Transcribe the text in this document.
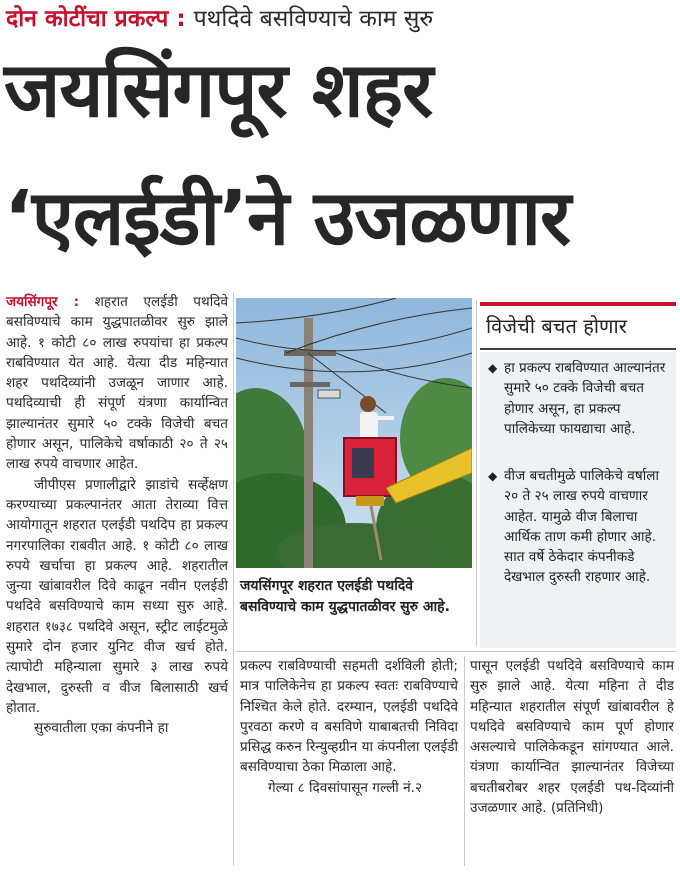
दोन कोटींचा प्रकल्प : पथदिवे बसविण्याचे काम सुरु
जयसिंगपूर शहर
‘एलईडी’ने उजळणार

जयसिंगपूर : शहरात एलईडी पथदिवे बसविण्याचे काम युद्धपातळीवर सुरु झाले आहे. १ कोटी ८० लाख रुपयांचा हा प्रकल्प राबविण्यात येत आहे. येत्या दीड महिन्यात शहर पथदिव्यांनी उजळून जाणार आहे. पथदिव्याची ही संपूर्ण यंत्रणा कार्यान्वित झाल्यानंतर सुमारे ५० टक्के विजेची बचत होणार असून, पालिकेचे वर्षाकाठी २० ते २५ लाख रुपये वाचणार आहेत.

जीपीएस प्रणालीद्वारे झाडांचे सर्व्हेक्षण करण्याच्या प्रकल्पानंतर आता तेराव्या वित्त आयोगातून शहरात एलईडी पथदिप हा प्रकल्प नगरपालिका राबवीत आहे. १ कोटी ८० लाख रुपये खर्चाचा हा प्रकल्प आहे. शहरातील जुन्या खांबावरील दिवे काढून नवीन एलईडी पथदिवे बसविण्याचे काम सध्या सुरु आहे. शहरात १७३८ पथदिवे असून, स्ट्रीट लाईटमुळे सुमारे दोन हजार युनिट वीज खर्च होते. त्यापोटी महिन्याला सुमारे ३ लाख रुपये देखभाल, दुरुस्ती व वीज बिलासाठी खर्च होतात.

सुरुवातीला एका कंपनीने हा

जयसिंगपूर शहरात एलईडी पथदिवे बसविण्याचे काम युद्धपातळीवर सुरु आहे.
विजेची बचत होणार
◆ हा प्रकल्प राबविण्यात आल्यानंतर सुमारे ५० टक्के विजेची बचत होणार असून, हा प्रकल्प पालिकेच्या फायद्याचा आहे.
◆ वीज बचतीमुळे पालिकेचे वर्षाला २० ते २५ लाख रुपये वाचणार आहेत. यामुळे वीज बिलाचा आर्थिक ताण कमी होणार आहे. सात वर्षे ठेकेदार कंपनीकडे देखभाल दुरुस्ती राहणार आहे.

प्रकल्प राबविण्याची सहमती दर्शविली होती; मात्र पालिकेनेच हा प्रकल्प स्वतः राबविण्याचे निश्चित केले होते. दरम्यान, एलईडी पथदिवे पुरवठा करणे व बसविणे याबाबतची निविदा प्रसिद्ध करुन रिन्युव्हग्रीन या कंपनीला एलईडी बसविण्याचा ठेका मिळाला आहे.

गेल्या ८ दिवसांपासून गल्ली नं.२

पासून एलईडी पथदिवे बसविण्याचे काम सुरु झाले आहे. येत्या महिना ते दीड महिन्यात शहरातील संपूर्ण खांबावरील हे पथदिवे बसविण्याचे काम पूर्ण होणार असल्याचे पालिकेकडून सांगण्यात आले. यंत्रणा कार्यान्वित झाल्यानंतर विजेच्या बचतीबरोबर शहर एलईडी पथ-दिव्यांनी उजळणार आहे. (प्रतिनिधी)
